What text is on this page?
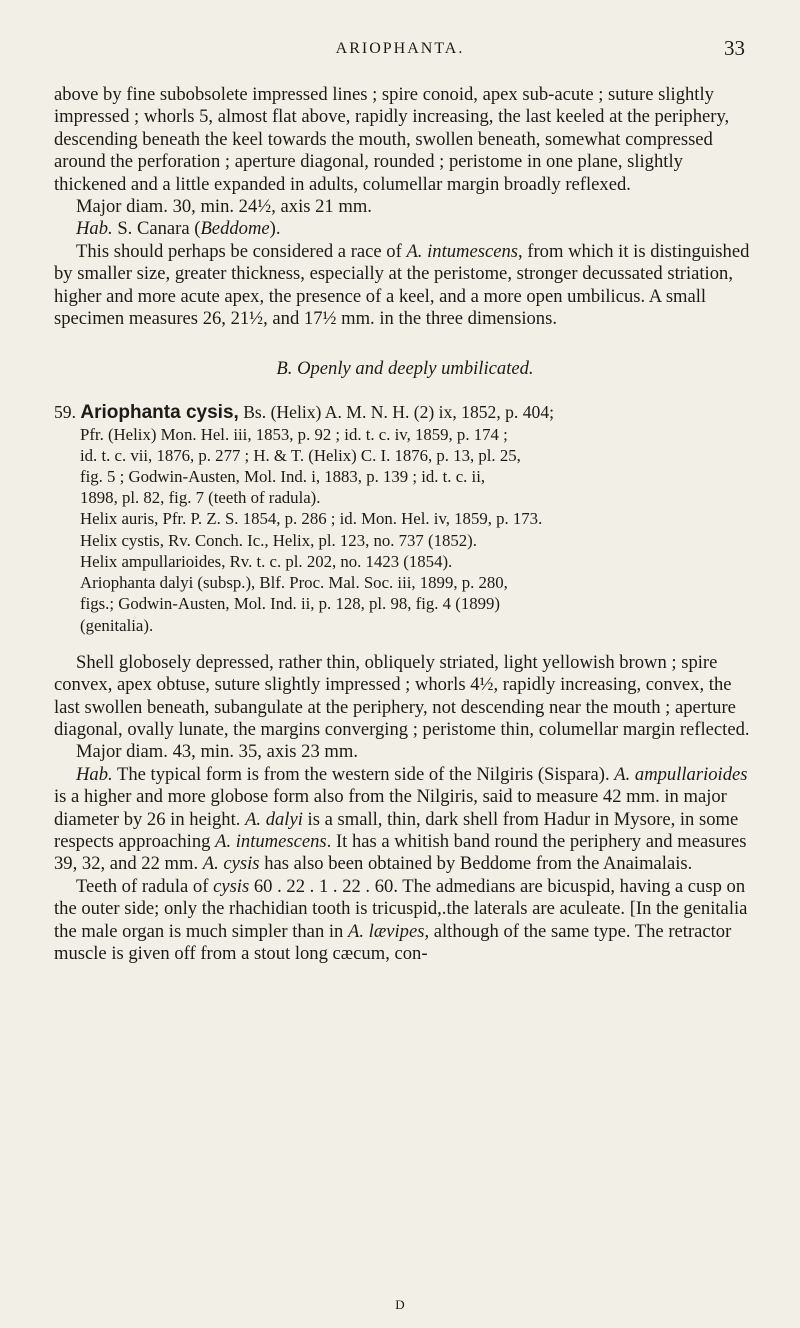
ARIOPHANTA.	33

above by fine subobsolete impressed lines ; spire conoid, apex sub-acute ; suture slightly impressed ; whorls 5, almost flat above, rapidly increasing, the last keeled at the periphery, descending beneath the keel towards the mouth, swollen beneath, somewhat compressed around the perforation ; aperture diagonal, rounded ; peristome in one plane, slightly thickened and a little expanded in adults, columellar margin broadly reflexed.

Major diam. 30, min. 24½, axis 21 mm.

Hab. S. Canara (Beddome).

This should perhaps be considered a race of A. intumescens, from which it is distinguished by smaller size, greater thickness, especially at the peristome, stronger decussated striation, higher and more acute apex, the presence of a keel, and a more open umbilicus. A small specimen measures 26, 21½, and 17½ mm. in the three dimensions.

B. Openly and deeply umbilicated.

59. Ariophanta cysis, Bs. (Helix) A. M. N. H. (2) ix, 1852, p. 404;

Pfr. (Helix) Mon. Hel. iii, 1853, p. 92 ; id. t. c. iv, 1859, p. 174 ;

id. t. c. vii, 1876, p. 277 ; H. & T. (Helix) C. I. 1876, p. 13, pl. 25,

fig. 5 ; Godwin-Austen, Mol. Ind. i, 1883, p. 139 ; id. t. c. ii,

1898, pl. 82, fig. 7 (teeth of radula).

Helix auris, Pfr. P. Z. S. 1854, p. 286 ; id. Mon. Hel. iv, 1859, p. 173.

Helix cystis, Rv. Conch. Ic., Helix, pl. 123, no. 737 (1852).

Helix ampullarioides, Rv. t. c. pl. 202, no. 1423 (1854).

Ariophanta dalyi (subsp.), Blf. Proc. Mal. Soc. iii, 1899, p. 280,

figs.; Godwin-Austen, Mol. Ind. ii, p. 128, pl. 98, fig. 4 (1899)

(genitalia).

Shell globosely depressed, rather thin, obliquely striated, light yellowish brown ; spire convex, apex obtuse, suture slightly impressed ; whorls 4½, rapidly increasing, convex, the last swollen beneath, subangulate at the periphery, not descending near the mouth ; aperture diagonal, ovally lunate, the margins converging ; peristome thin, columellar margin reflected.

Major diam. 43, min. 35, axis 23 mm.

Hab. The typical form is from the western side of the Nilgiris (Sispara). A. ampullarioides is a higher and more globose form also from the Nilgiris, said to measure 42 mm. in major diameter by 26 in height. A. dalyi is a small, thin, dark shell from Hadur in Mysore, in some respects approaching A. intumescens. It has a whitish band round the periphery and measures 39, 32, and 22 mm. A. cysis has also been obtained by Beddome from the Anaimalais.

Teeth of radula of cysis 60 . 22 . 1 . 22 . 60. The admedians are bicuspid, having a cusp on the outer side; only the rhachidian tooth is tricuspid,.the laterals are aculeate. [In the genitalia the male organ is much simpler than in A. lævipes, although of the same type. The retractor muscle is given off from a stout long cæcum, con-

D
